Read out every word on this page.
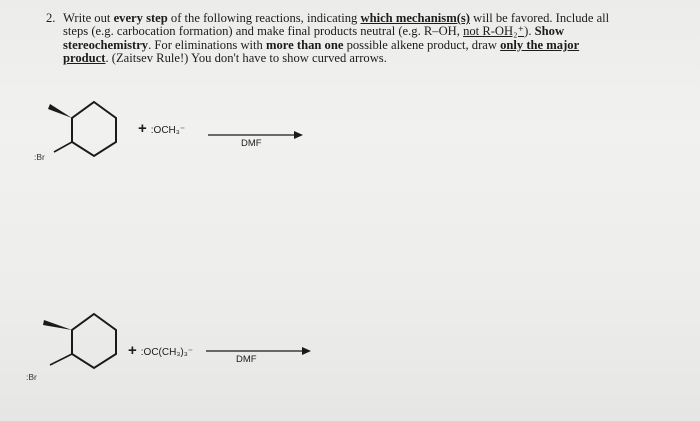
2. Write out every step of the following reactions, indicating which mechanism(s) will be favored. Include all
steps (e.g. carbocation formation) and make final products neutral (e.g. R–OH, not R-OH₂⁺). Show
stereochemistry. For eliminations with more than one possible alkene product, draw only the major
product. (Zaitsev Rule!) You don't have to show curved arrows.
:Br
+ :OCH₃⁻
DMF
:Br
+ :OC(CH₃)₃⁻
DMF
